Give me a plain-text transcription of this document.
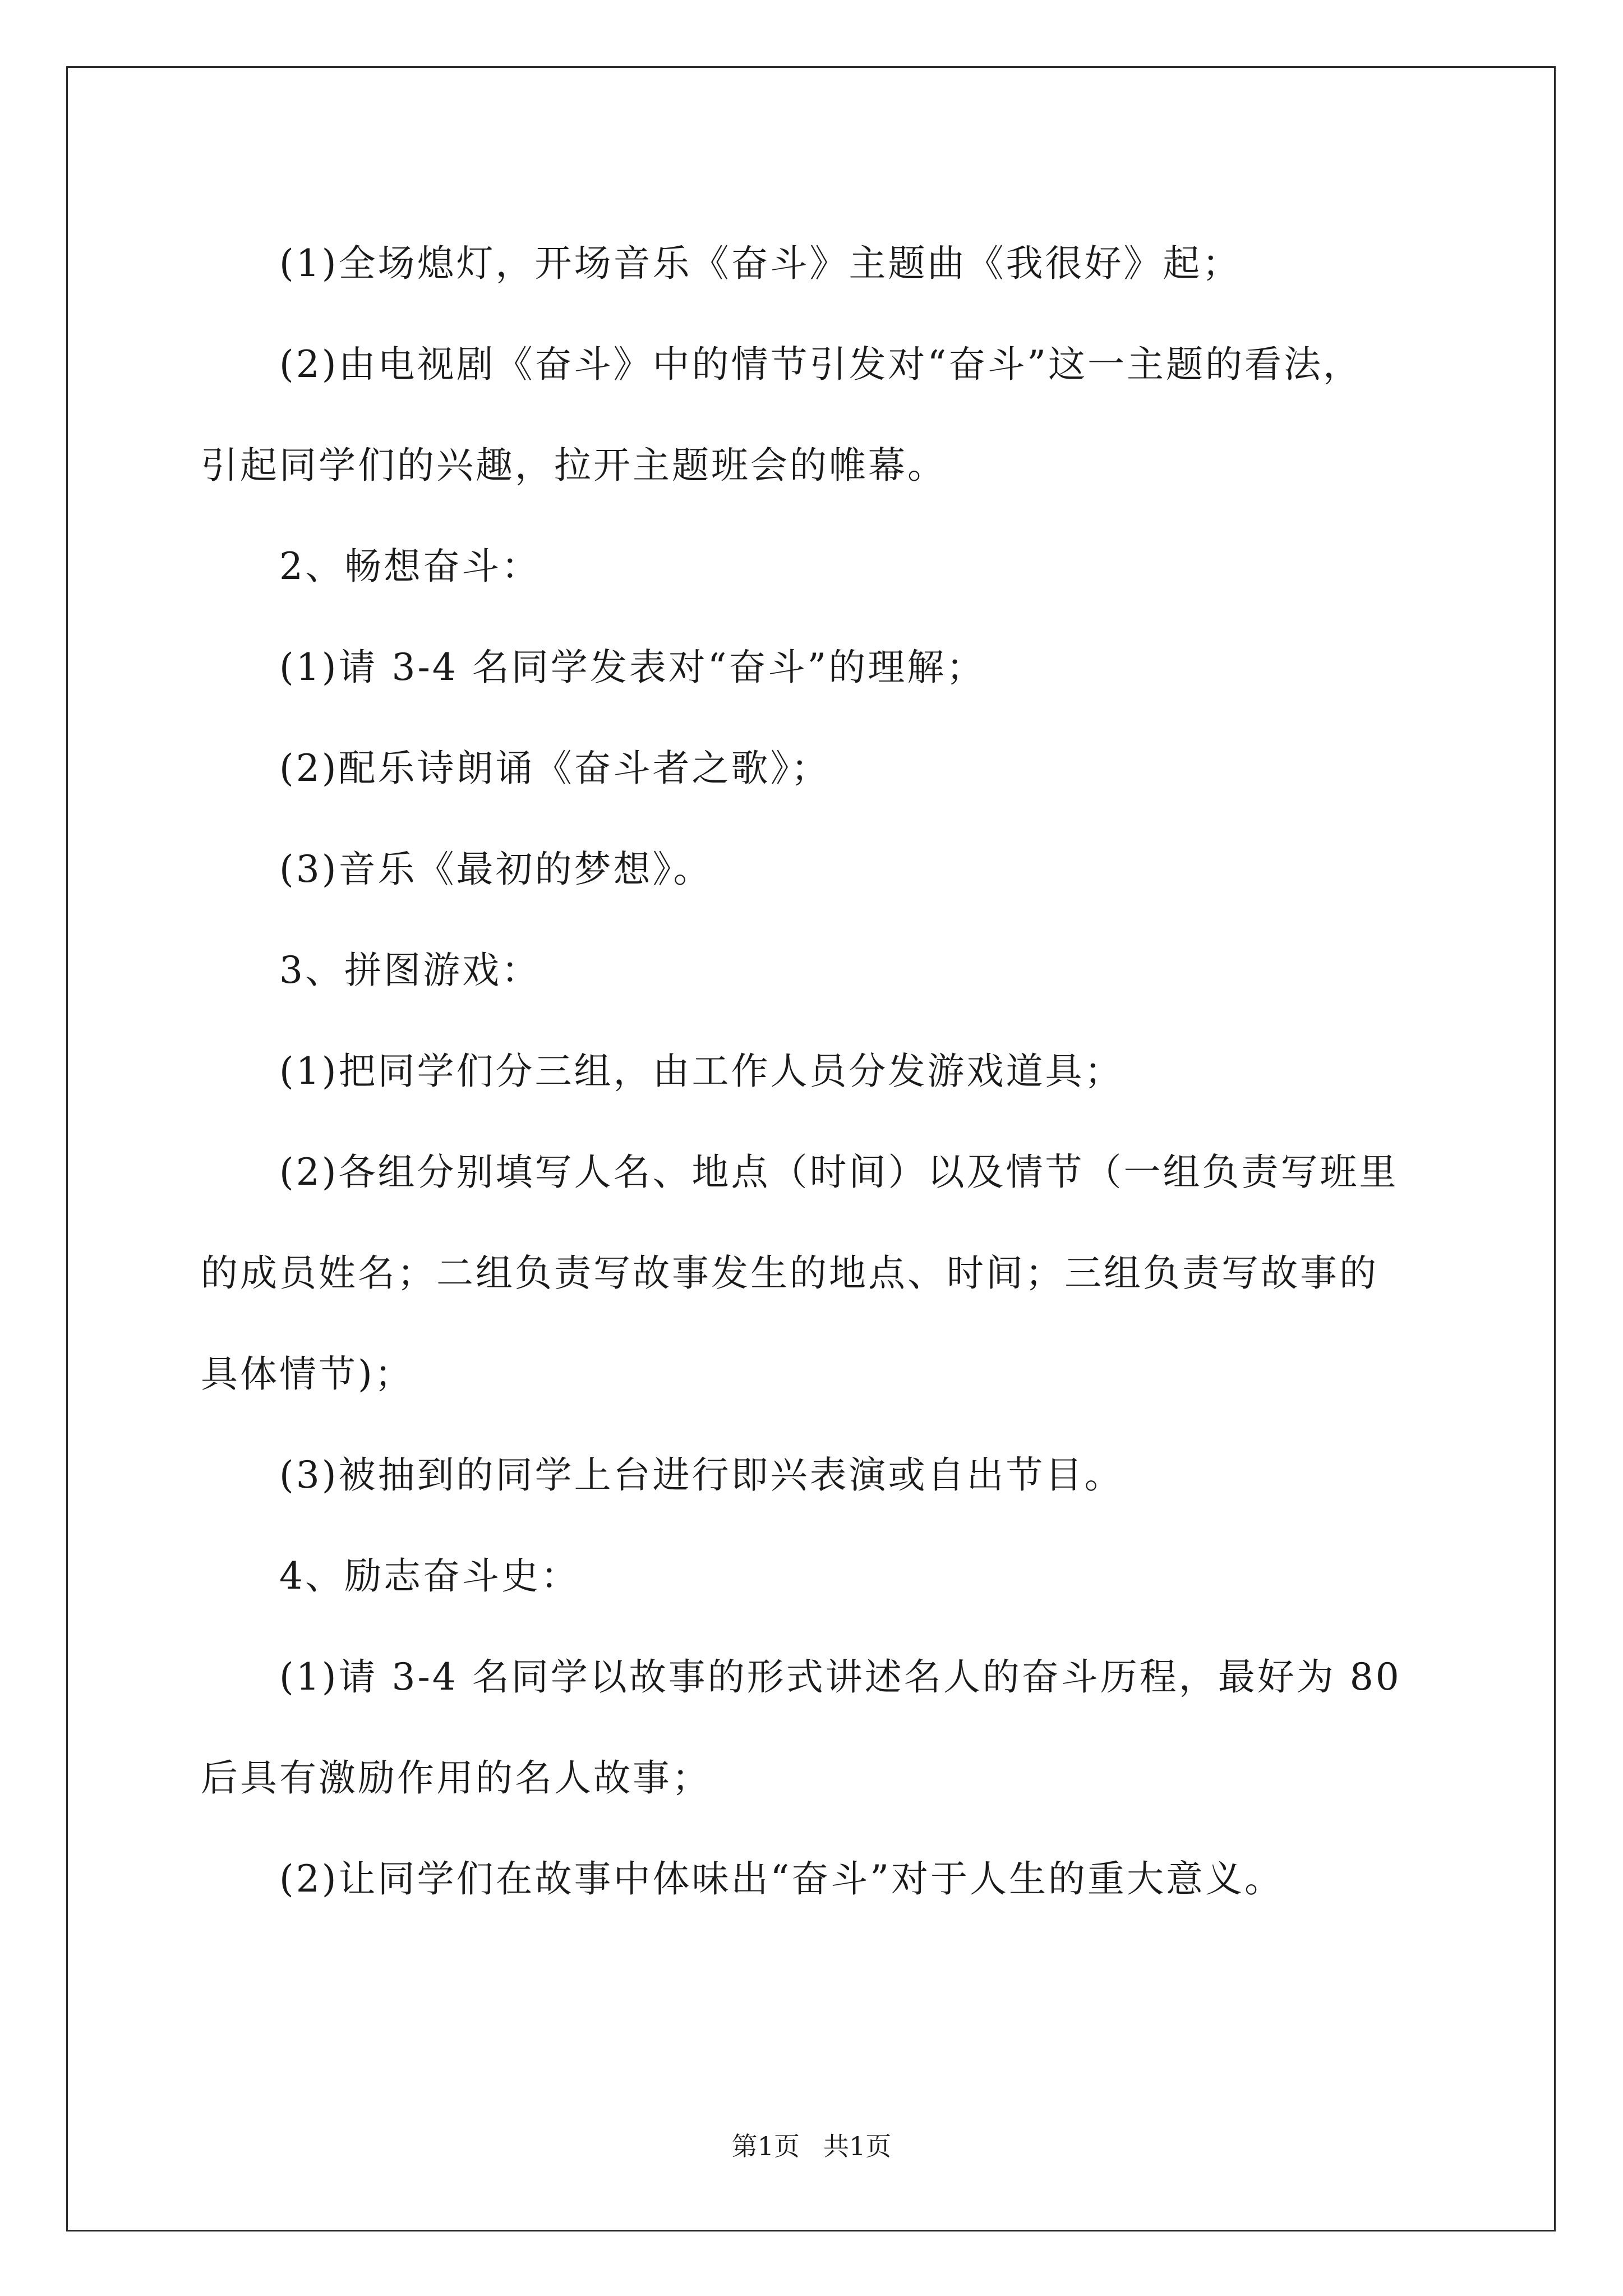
(1)全场熄灯，开场音乐《奋斗》主题曲《我很好》起；

(2)由电视剧《奋斗》中的情节引发对“奋斗”这一主题的看法，

引起同学们的兴趣，拉开主题班会的帷幕。

2、畅想奋斗：

(1)请 3-4 名同学发表对“奋斗”的理解；

(2)配乐诗朗诵《奋斗者之歌》；

(3)音乐《最初的梦想》。

3、拼图游戏：

(1)把同学们分三组，由工作人员分发游戏道具；

(2)各组分别填写人名、地点（时间）以及情节（一组负责写班里

的成员姓名；二组负责写故事发生的地点、时间；三组负责写故事的

具体情节)；

(3)被抽到的同学上台进行即兴表演或自出节目。

4、励志奋斗史：

(1)请 3-4 名同学以故事的形式讲述名人的奋斗历程，最好为 80

后具有激励作用的名人故事；

(2)让同学们在故事中体味出“奋斗”对于人生的重大意义。

第1页 共1页
